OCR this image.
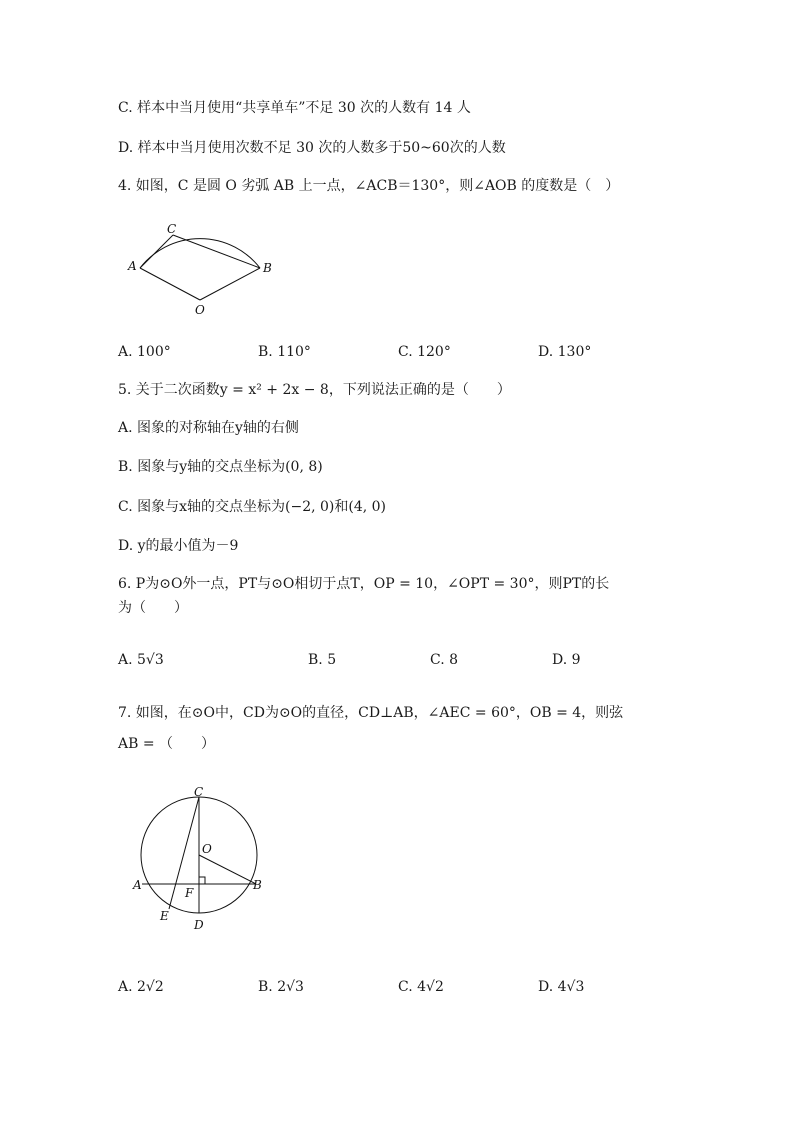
C. 样本中当月使用“共享单车”不足 30 次的人数有 14 人
D. 样本中当月使用次数不足 30 次的人数多于50~60次的人数
4. 如图，C 是圆 O 劣弧 AB 上一点，∠ACB＝130°，则∠AOB 的度数是（　）
C
A	B
O
A. 100°	B. 110°	C. 120°	D. 130°
5. 关于二次函数y = x² + 2x − 8，下列说法正确的是（　　）
A. 图象的对称轴在y轴的右侧
B. 图象与y轴的交点坐标为(0, 8)
C. 图象与x轴的交点坐标为(−2, 0)和(4, 0)
D. y的最小值为－9
6. P为⊙O外一点，PT与⊙O相切于点T，OP = 10，∠OPT = 30°，则PT的长
为（　　）
A. 5√3	B. 5	C. 8	D. 9
7. 如图，在⊙O中，CD为⊙O的直径，CD⊥AB，∠AEC = 60°，OB = 4，则弦
AB = （　　）
C
O
A	B
F
E
D
A. 2√2	B. 2√3	C. 4√2	D. 4√3
